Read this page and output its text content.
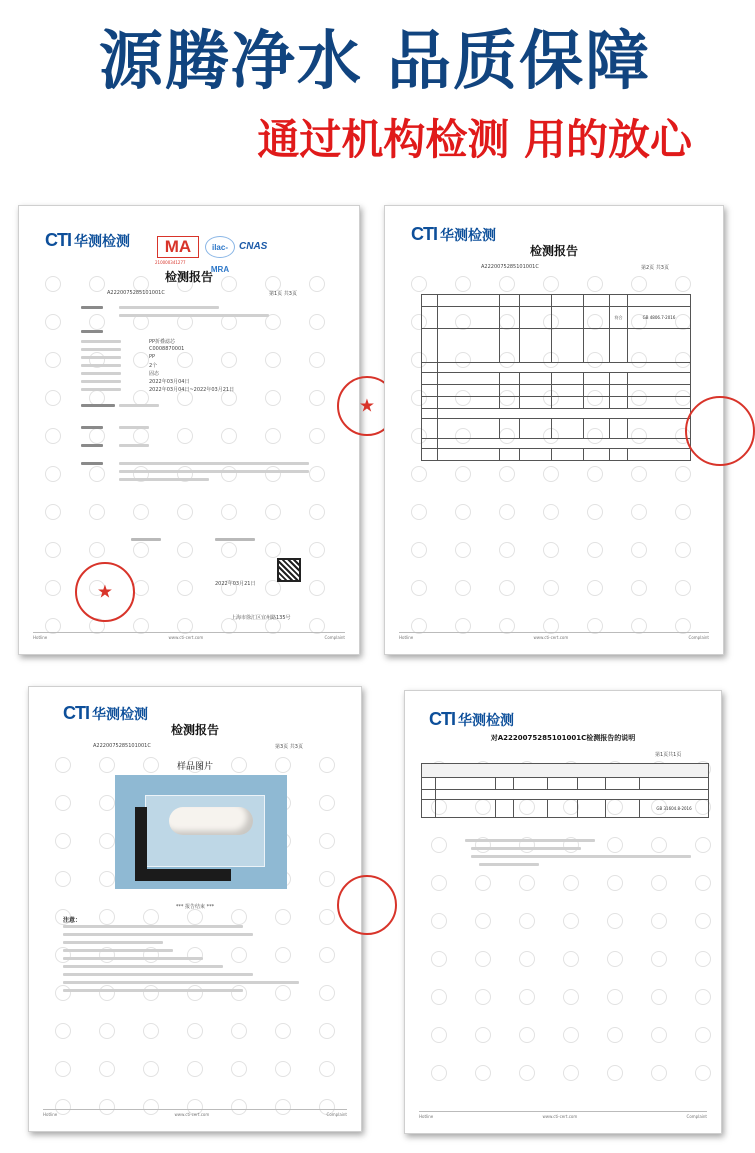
源腾净水 品质保障
通过机构检测 用的放心
CTI 华测检测	MA	ilac-MRA
CNAS
210000341277
检测报告
A2220075285101001C	第1页 共3页
PP折叠滤芯
C0008870001
PP
2个
固态
2022年03月04日
2022年03月04日~2022年03月21日
★
★	2022年03月21日
上海市徐汇区宜州路135号
Hotline	www.cti-cert.com	Complaint
CTI 华测检测
检测报告
A2220075285101001C	第2页 共3页

						符合	GB 4806.7-2016

Hotline	www.cti-cert.com	Complaint
CTI 华测检测
检测报告
A2220075285101001C	第3页 共3页
样品图片
*** 报告结束 ***
注意：
Hotline	www.cti-cert.com	Complaint
CTI 华测检测
对A2220075285101001C检测报告的说明
第1页共1页

							GB 31604.8-2016
Hotline	www.cti-cert.com	Complaint
